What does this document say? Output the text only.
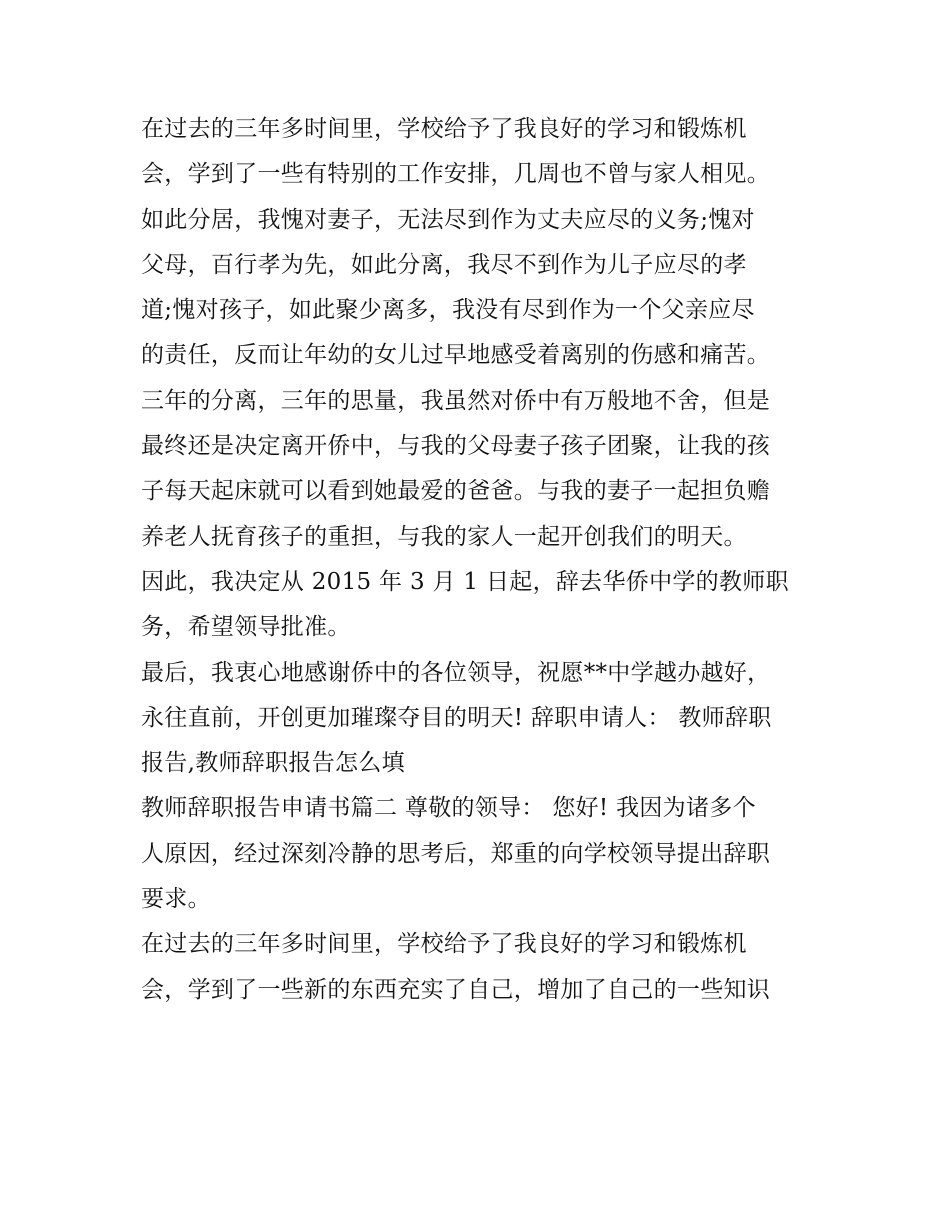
在过去的三年多时间里，学校给予了我良好的学习和锻炼机
会，学到了一些有特别的工作安排，几周也不曾与家人相见。
如此分居，我愧对妻子，无法尽到作为丈夫应尽的义务;愧对
父母，百行孝为先，如此分离，我尽不到作为儿子应尽的孝
道;愧对孩子，如此聚少离多，我没有尽到作为一个父亲应尽
的责任，反而让年幼的女儿过早地感受着离别的伤感和痛苦。
三年的分离，三年的思量，我虽然对侨中有万般地不舍，但是
最终还是决定离开侨中，与我的父母妻子孩子团聚，让我的孩
子每天起床就可以看到她最爱的爸爸。与我的妻子一起担负赡
养老人抚育孩子的重担，与我的家人一起开创我们的明天。
因此，我决定从 2015 年 3 月 1 日起，辞去华侨中学的教师职
务，希望领导批准。
最后，我衷心地感谢侨中的各位领导，祝愿**中学越办越好，
永往直前，开创更加璀璨夺目的明天! 辞职申请人： 教师辞职
报告,教师辞职报告怎么填
教师辞职报告申请书篇二 尊敬的领导： 您好! 我因为诸多个
人原因，经过深刻冷静的思考后，郑重的向学校领导提出辞职
要求。
在过去的三年多时间里，学校给予了我良好的学习和锻炼机
会，学到了一些新的东西充实了自己，增加了自己的一些知识
